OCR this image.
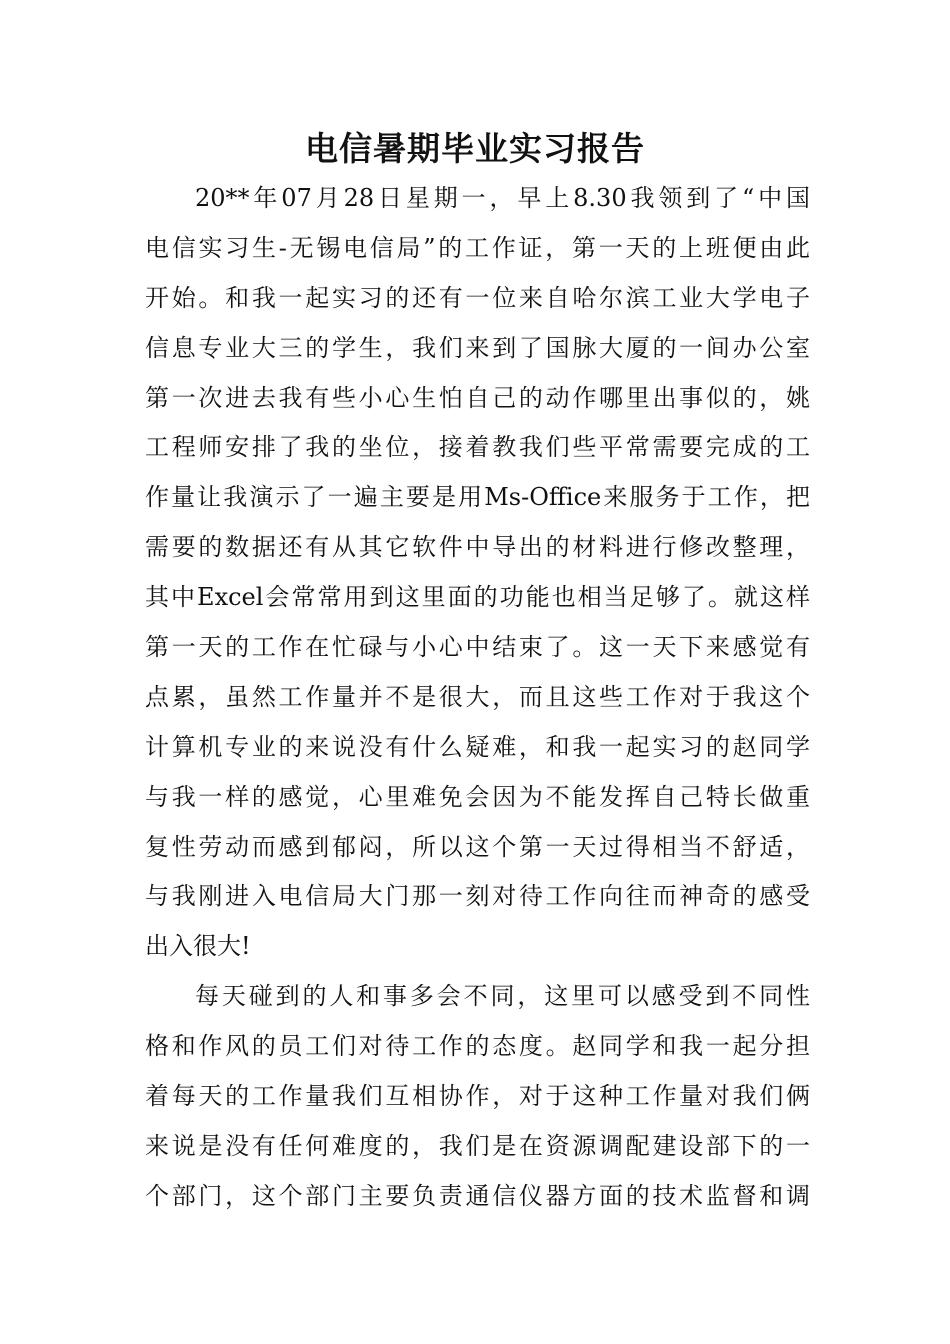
电信暑期毕业实习报告
20**年07月28日星期一，早上8.30我领到了“中国
电信实习生-无锡电信局”的工作证，第一天的上班便由此
开始。和我一起实习的还有一位来自哈尔滨工业大学电子
信息专业大三的学生，我们来到了国脉大厦的一间办公室
第一次进去我有些小心生怕自己的动作哪里出事似的，姚
工程师安排了我的坐位，接着教我们些平常需要完成的工
作量让我演示了一遍主要是用Ms-Office来服务于工作，把
需要的数据还有从其它软件中导出的材料进行修改整理，
其中Excel会常常用到这里面的功能也相当足够了。就这样
第一天的工作在忙碌与小心中结束了。这一天下来感觉有
点累，虽然工作量并不是很大，而且这些工作对于我这个
计算机专业的来说没有什么疑难，和我一起实习的赵同学
与我一样的感觉，心里难免会因为不能发挥自己特长做重
复性劳动而感到郁闷，所以这个第一天过得相当不舒适，
与我刚进入电信局大门那一刻对待工作向往而神奇的感受
出入很大!
每天碰到的人和事多会不同，这里可以感受到不同性
格和作风的员工们对待工作的态度。赵同学和我一起分担
着每天的工作量我们互相协作，对于这种工作量对我们俩
来说是没有任何难度的，我们是在资源调配建设部下的一
个部门，这个部门主要负责通信仪器方面的技术监督和调
